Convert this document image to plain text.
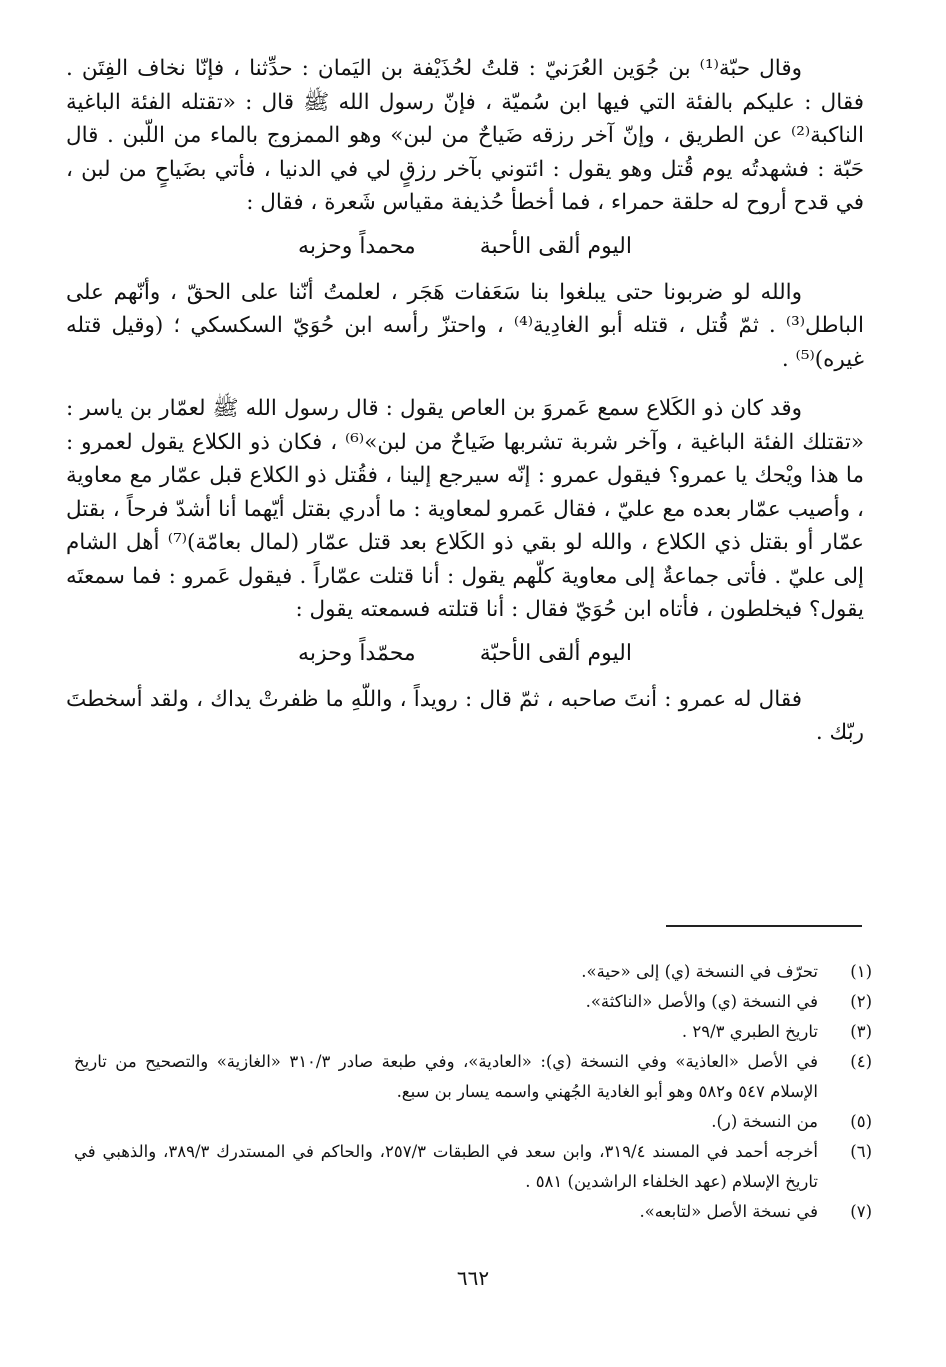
وقال حبّة⁽¹⁾ بن جُوَين العُرَنيّ : قلتُ لحُذَيْفة بن اليَمان : حدِّثنا ، فإنّا نخاف الفِتَن . فقال : عليكم بالفئة التي فيها ابن سُميّة ، فإنّ رسول الله ﷺ قال : «تقتله الفئة الباغية الناكبة⁽²⁾ عن الطريق ، وإنّ آخر رزقه ضَياحٌ من لبن» وهو الممزوج بالماء من اللّبن . قال حَبّة : فشهدتُه يوم قُتل وهو يقول : ائتوني بآخر رزقٍ لي في الدنيا ، فأتي بضَياحٍ من لبن ، في قدح أروح له حلقة حمراء ، فما أخطأ حُذيفة مقياس شَعرة ، فقال :

اليوم ألقى الأحبة
محمداً وحزبه

والله لو ضربونا حتى يبلغوا بنا سَعَفات هَجَر ، لعلمتُ أنّنا على الحقّ ، وأنّهم على الباطل⁽³⁾ . ثمّ قُتل ، قتله أبو الغادِية⁽⁴⁾ ، واحتزّ رأسه ابن حُوَيّ السكسكي ؛ (وقيل قتله غيره)⁽⁵⁾ .

وقد كان ذو الكَلاع سمع عَمروَ بن العاص يقول : قال رسول الله ﷺ لعمّار بن ياسر : «تقتلك الفئة الباغية ، وآخر شربة تشربها ضَياحٌ من لبن»⁽⁶⁾ ، فكان ذو الكلاع يقول لعمرو : ما هذا ويْحك يا عمرو؟ فيقول عمرو : إنّه سيرجع إلينا ، فقُتل ذو الكلاع قبل عمّار مع معاوية ، وأصيب عمّار بعده مع عليّ ، فقال عَمرو لمعاوية : ما أدري بقتل أيّهما أنا أشدّ فرحاً ، بقتل عمّار أو بقتل ذي الكلاع ، والله لو بقي ذو الكَلاع بعد قتل عمّار (لمال بعامّة)⁽⁷⁾ أهل الشام إلى عليّ . فأتى جماعةٌ إلى معاوية كلّهم يقول : أنا قتلت عمّاراً . فيقول عَمرو : فما سمعتَه يقول؟ فيخلطون ، فأتاه ابن حُوَيّ فقال : أنا قتلته فسمعته يقول :

اليوم ألقى الأحبّة
محمّداً وحزبه

فقال له عمرو : أنتَ صاحبه ، ثمّ قال : رويداً ، واللّهِ ما ظفرتْ يداك ، ولقد أسخطتَ ربّك .

(١)
تحرّف في النسخة (ي) إلى «حية».
(٢)
في النسخة (ي) والأصل «الناكثة».
(٣)
تاريخ الطبري ٢٩/٣ .
(٤)
في الأصل «العاذية» وفي النسخة (ي): «العادية»، وفي طبعة صادر ٣١٠/٣ «الغازية» والتصحيح من تاريخ الإسلام ٥٤٧ و٥٨٢ وهو أبو الغادية الجُهني واسمه يسار بن سبع.
(٥)
من النسخة (ر).
(٦)
أخرجه أحمد في المسند ٣١٩/٤، وابن سعد في الطبقات ٢٥٧/٣، والحاكم في المستدرك ٣٨٩/٣، والذهبي في تاريخ الإسلام (عهد الخلفاء الراشدين) ٥٨١ .
(٧)
في نسخة الأصل «لتابعه».
٦٦٢
